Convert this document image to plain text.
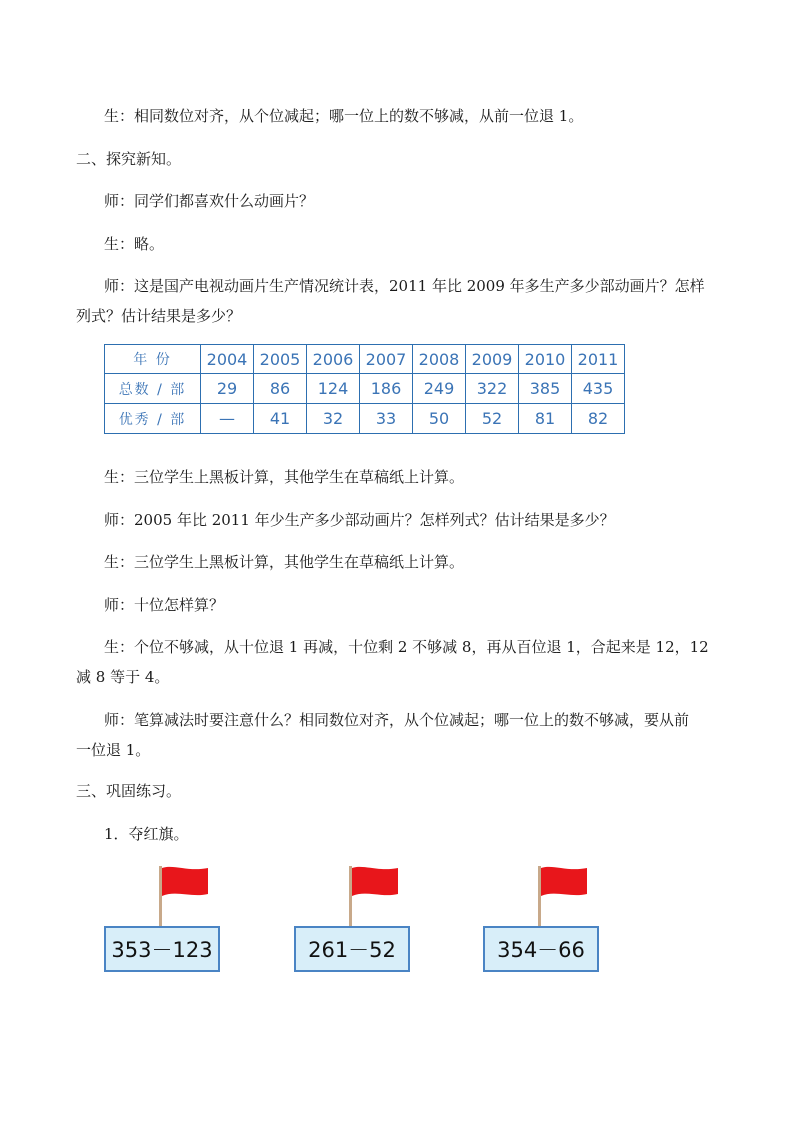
生：相同数位对齐，从个位减起；哪一位上的数不够减，从前一位退 1。
二、探究新知。
师：同学们都喜欢什么动画片？
生：略。
师：这是国产电视动画片生产情况统计表，2011 年比 2009 年多生产多少部动画片？怎样
列式？估计结果是多少？
年 份	2004	2005	2006	2007	2008	2009	2010	2011
总数 / 部	29	86	124	186	249	322	385	435
优秀 / 部	—	41	32	33	50	52	81	82
生：三位学生上黑板计算，其他学生在草稿纸上计算。
师：2005 年比 2011 年少生产多少部动画片？怎样列式？估计结果是多少？
生：三位学生上黑板计算，其他学生在草稿纸上计算。
师：十位怎样算？
生：个位不够减，从十位退 1 再减，十位剩 2 不够减 8，再从百位退 1，合起来是 12，12
减 8 等于 4。
师：笔算减法时要注意什么？相同数位对齐，从个位减起；哪一位上的数不够减，要从前
一位退 1。
三、巩固练习。
1．夺红旗。
353－123	261－52	354－66
